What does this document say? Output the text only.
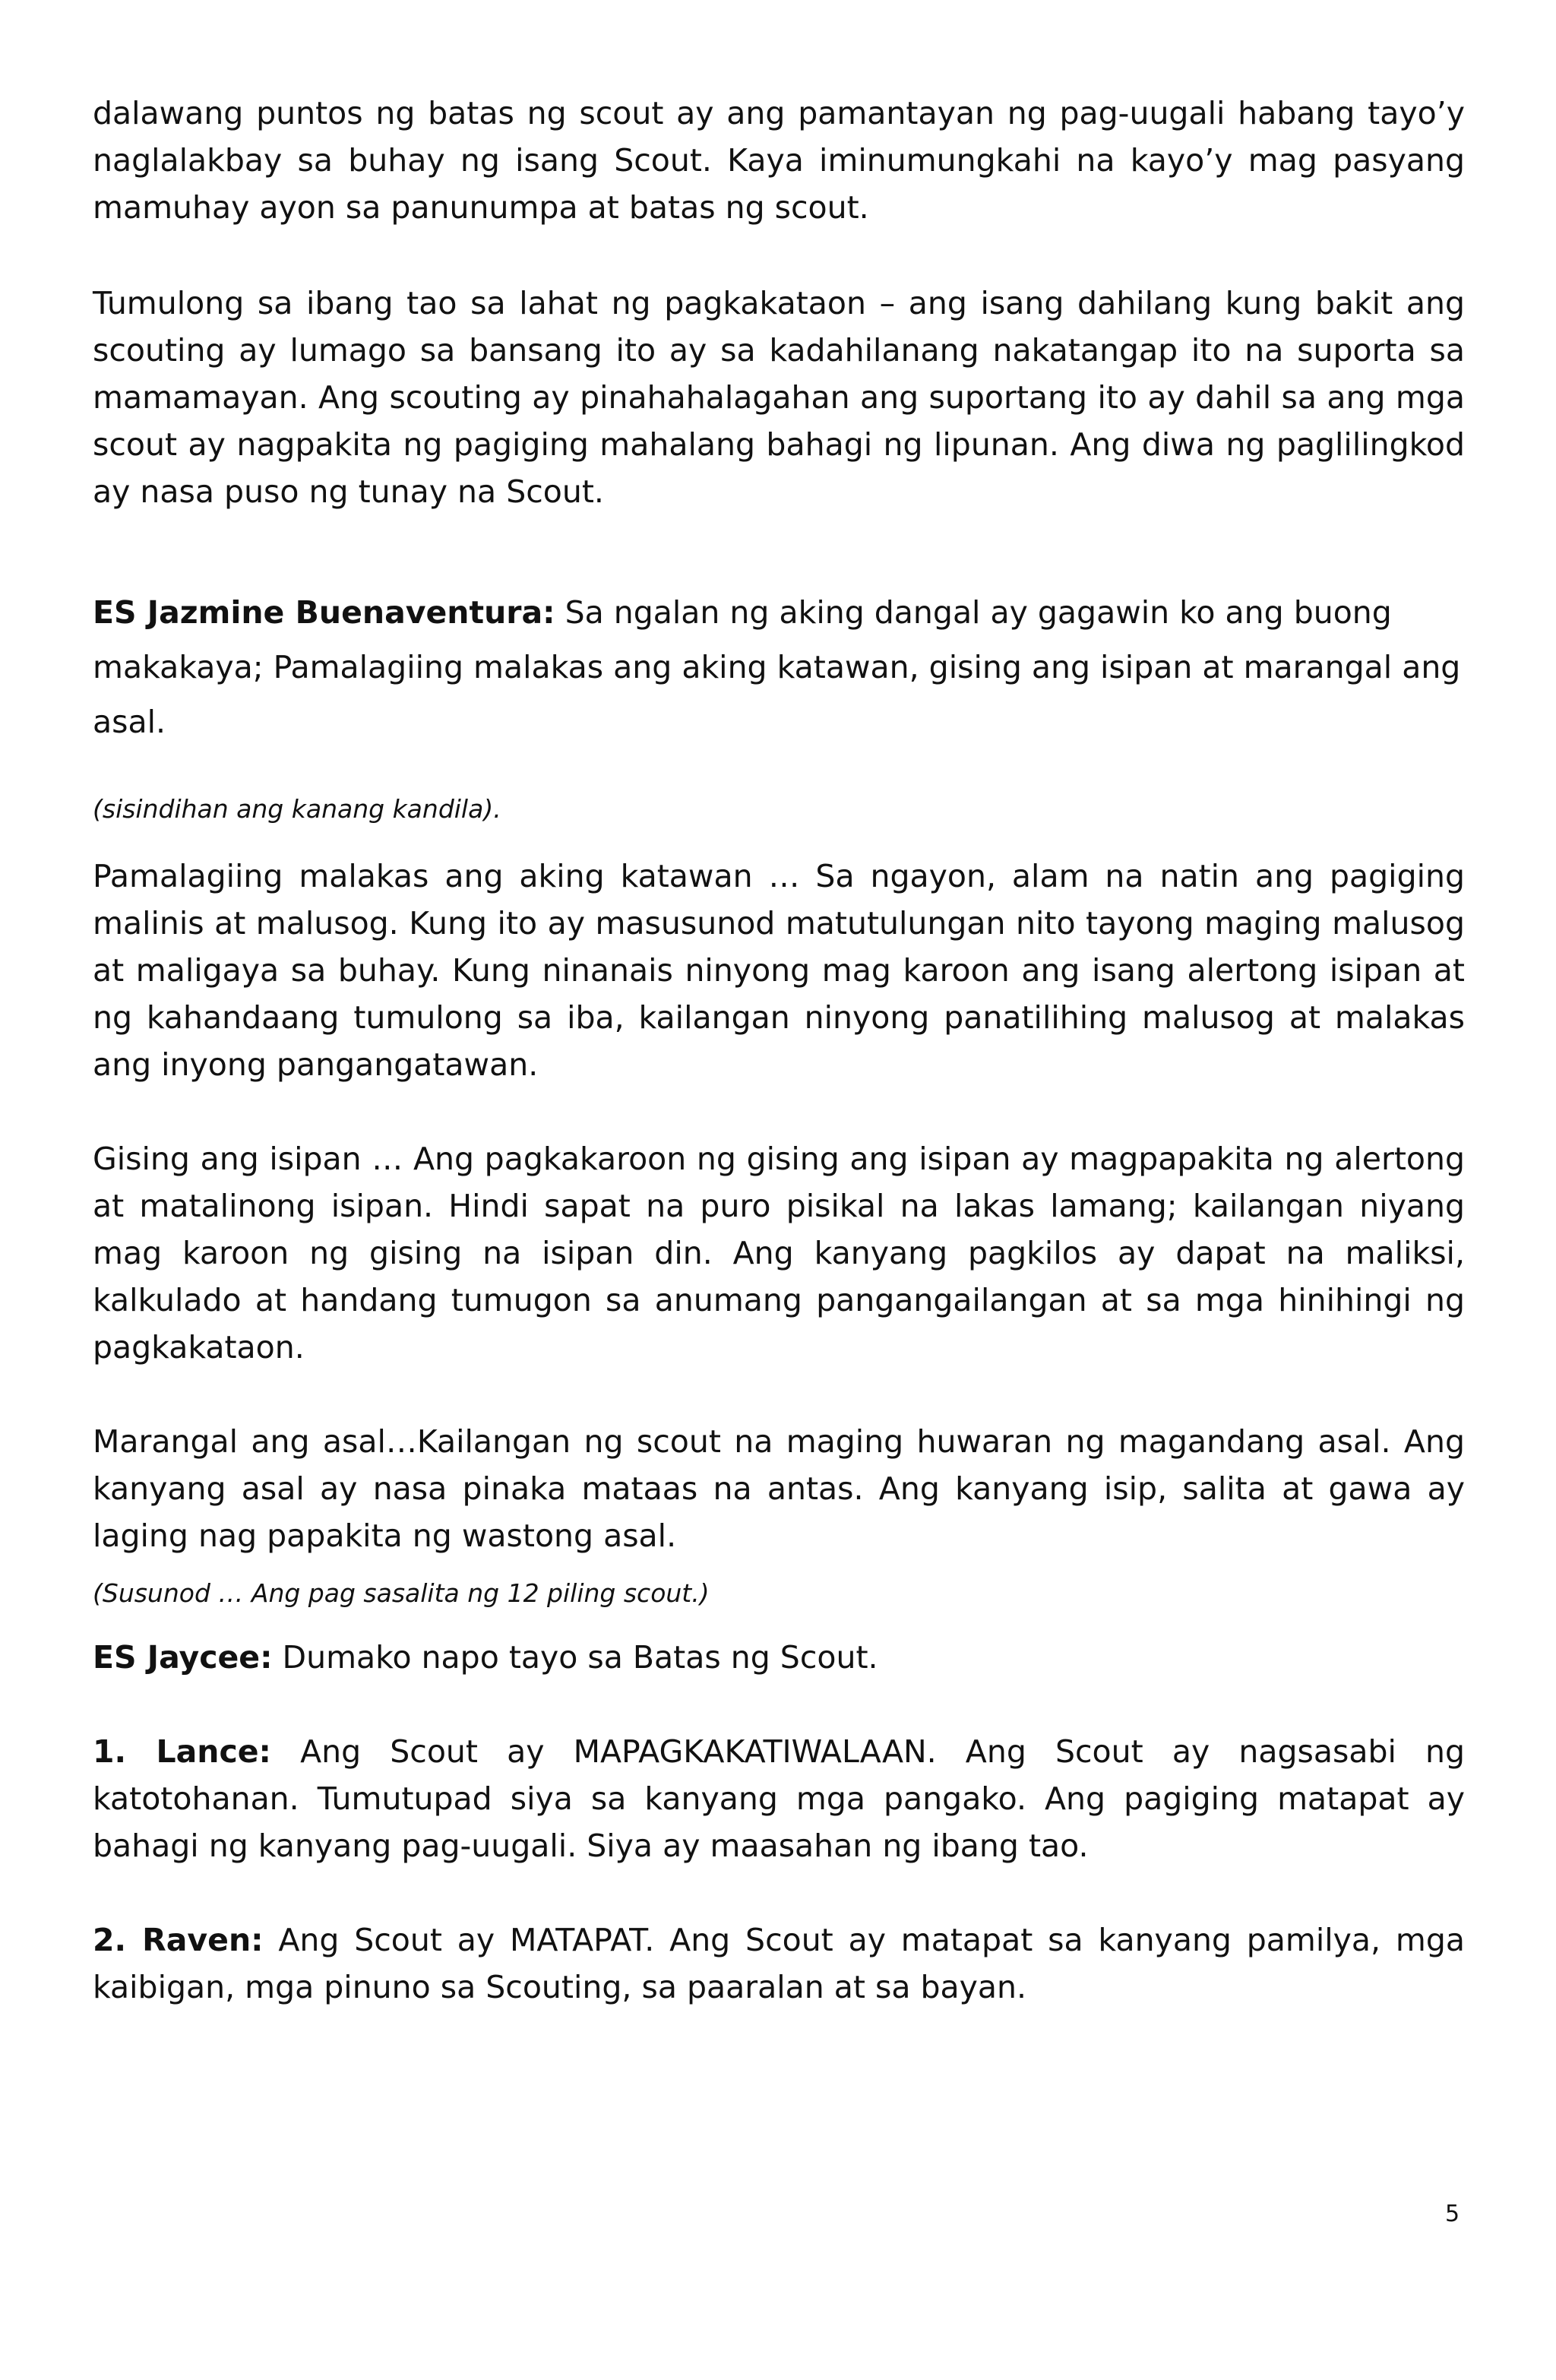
dalawang puntos ng batas ng scout ay ang pamantayan ng pag-uugali habang tayo’y naglalakbay sa buhay ng isang Scout. Kaya iminumungkahi na kayo’y mag pasyang mamuhay ayon sa panunumpa at batas ng scout.

Tumulong sa ibang tao sa lahat ng pagkakataon – ang isang dahilang kung bakit ang scouting ay lumago sa bansang ito ay sa kadahilanang nakatangap ito na suporta sa mamamayan. Ang scouting ay pinahahalagahan ang suportang ito ay dahil sa ang mga scout ay nagpakita ng pagiging mahalang bahagi ng lipunan. Ang diwa ng paglilingkod ay nasa puso ng tunay na Scout.

ES Jazmine Buenaventura: Sa ngalan ng aking dangal ay gagawin ko ang buong makakaya; Pamalagiing malakas ang aking katawan, gising ang isipan at marangal ang asal.

(sisindihan ang kanang kandila).

Pamalagiing malakas ang aking katawan … Sa ngayon, alam na natin ang pagiging malinis at malusog. Kung ito ay masusunod matutulungan nito tayong maging malusog at maligaya sa buhay. Kung ninanais ninyong mag karoon ang isang alertong isipan at ng kahandaang tumulong sa iba, kailangan ninyong panatilihing malusog at malakas ang inyong pangangatawan.

Gising ang isipan … Ang pagkakaroon ng gising ang isipan ay magpapakita ng alertong at matalinong isipan. Hindi sapat na puro pisikal na lakas lamang; kailangan niyang mag karoon ng gising na isipan din. Ang kanyang pagkilos ay dapat na maliksi, kalkulado at handang tumugon sa anumang pangangailangan at sa mga hinihingi ng pagkakataon.

Marangal ang asal…Kailangan ng scout na maging huwaran ng magandang asal. Ang kanyang asal ay nasa pinaka mataas na antas. Ang kanyang isip, salita at gawa ay laging nag papakita ng wastong asal.

(Susunod … Ang pag sasalita ng 12 piling scout.)

ES Jaycee: Dumako napo tayo sa Batas ng Scout.

1. Lance: Ang Scout ay MAPAGKAKATIWALAAN. Ang Scout ay nagsasabi ng katotohanan. Tumutupad siya sa kanyang mga pangako. Ang pagiging matapat ay bahagi ng kanyang pag-uugali. Siya ay maasahan ng ibang tao.

2. Raven: Ang Scout ay MATAPAT. Ang Scout ay matapat sa kanyang pamilya, mga kaibigan, mga pinuno sa Scouting, sa paaralan at sa bayan.

5
